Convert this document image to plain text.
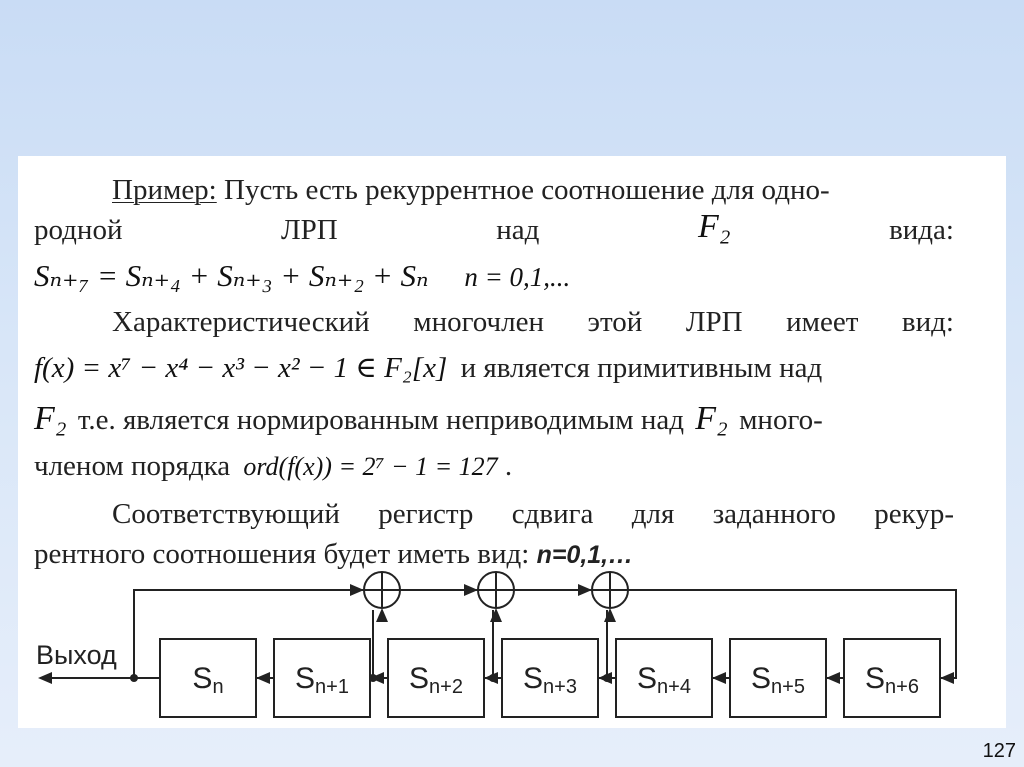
Пример: Пусть есть рекуррентное соотношение для одно-
родной	ЛРП	над	F₂	вида:
Sₙ₊₇ = Sₙ₊₄ + Sₙ₊₃ + Sₙ₊₂ + Sₙ n = 0,1,...
Характеристический многочлен этой ЛРП имеет вид:
f(x) = x⁷ − x⁴ − x³ − x² − 1 ∈ F₂[x] и является примитивным над
F₂ т.е. является нормированным неприводимым над F₂ много-
членом порядка ord(f(x)) = 2⁷ − 1 = 127 .
Соответствующий регистр сдвига для заданного рекур-
рентного соотношения будет иметь вид: n=0,1,…
Sn Sn+1 Sn+2 Sn+3 Sn+4 Sn+5 Sn+6
Выход
127
